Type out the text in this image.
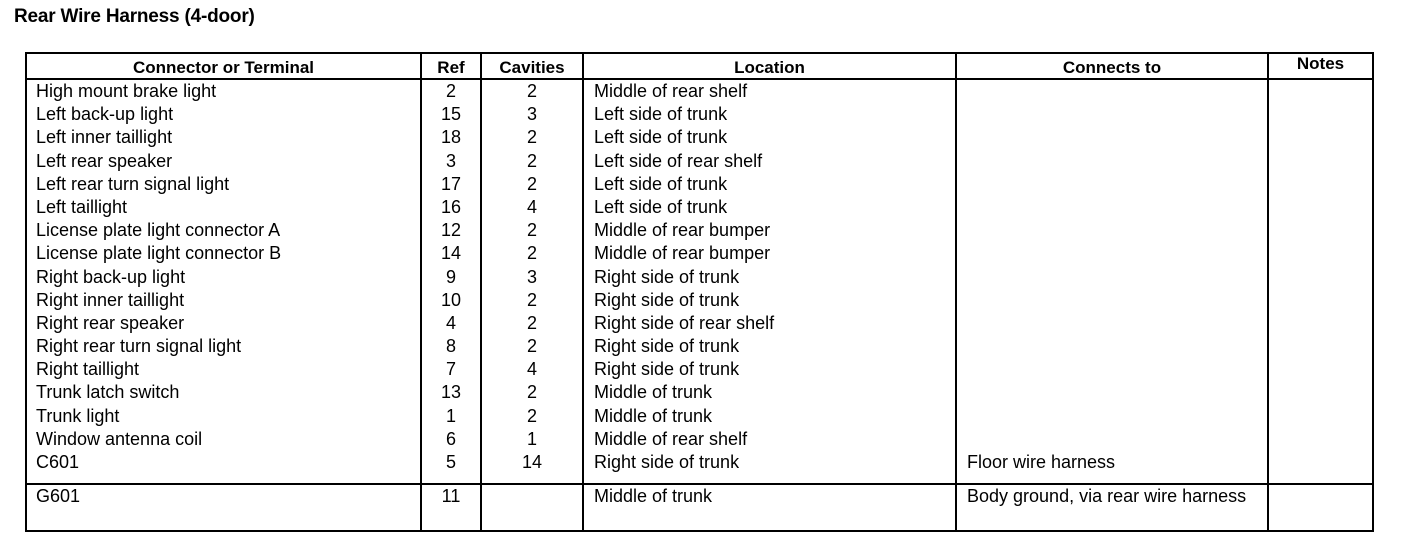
Rear Wire Harness (4-door)
Connector or Terminal	Ref	Cavities	Location	Connects to	Notes
High mount brake light	2	2	Middle of rear shelf		
Left back-up light	15	3	Left side of trunk		
Left inner taillight	18	2	Left side of trunk		
Left rear speaker	3	2	Left side of rear shelf		
Left rear turn signal light	17	2	Left side of trunk		
Left taillight	16	4	Left side of trunk		
License plate light connector A	12	2	Middle of rear bumper		
License plate light connector B	14	2	Middle of rear bumper		
Right back-up light	9	3	Right side of trunk		
Right inner taillight	10	2	Right side of trunk		
Right rear speaker	4	2	Right side of rear shelf		
Right rear turn signal light	8	2	Right side of trunk		
Right taillight	7	4	Right side of trunk		
Trunk latch switch	13	2	Middle of trunk		
Trunk light	1	2	Middle of trunk		
Window antenna coil	6	1	Middle of rear shelf		
C601	5	14	Right side of trunk	Floor wire harness	

G601	11		Middle of trunk	Body ground, via rear wire harness	
